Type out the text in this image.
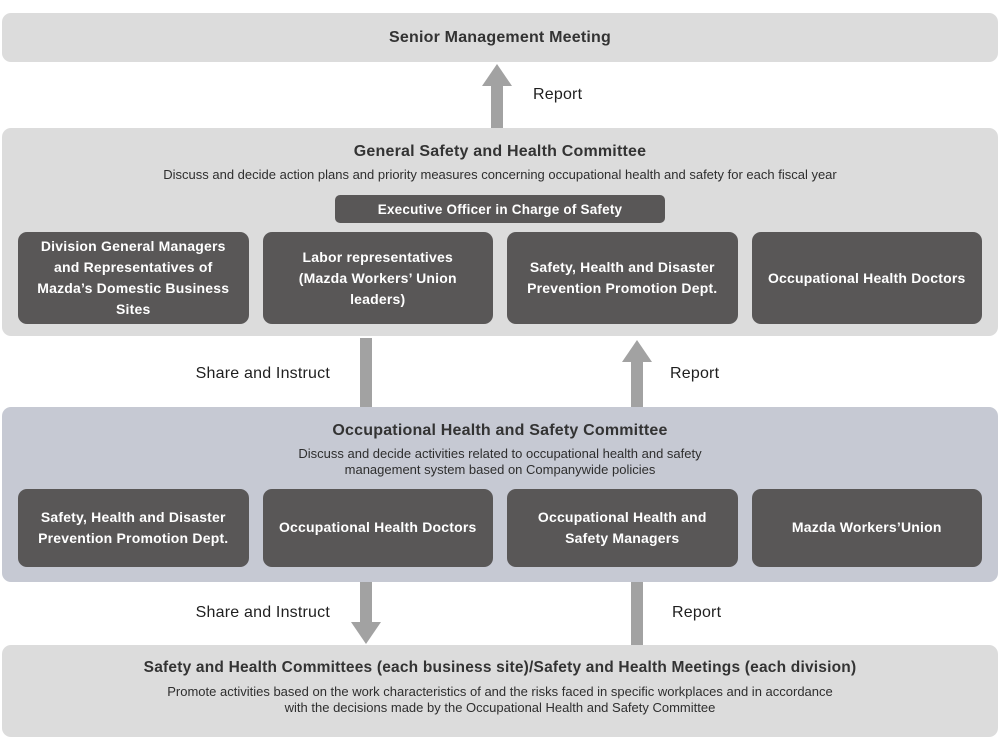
Senior Management Meeting
Report
General Safety and Health Committee
Discuss and decide action plans and priority measures concerning occupational health and safety for each fiscal year
Executive Officer in Charge of Safety
Division General Managers and Representatives of Mazda’s Domestic Business Sites
Labor representatives (Mazda Workers’ Union leaders)
Safety, Health and Disaster Prevention Promotion Dept.
Occupational Health Doctors
Share and Instruct	Report
Occupational Health and Safety Committee
Discuss and decide activities related to occupational health and safety
management system based on Companywide policies
Safety, Health and Disaster Prevention Promotion Dept.
Occupational Health Doctors
Occupational Health and Safety Managers
Mazda Workers’Union
Share and Instruct	Report
Safety and Health Committees (each business site)/Safety and Health Meetings (each division)
Promote activities based on the work characteristics of and the risks faced in specific workplaces and in accordance
with the decisions made by the Occupational Health and Safety Committee
